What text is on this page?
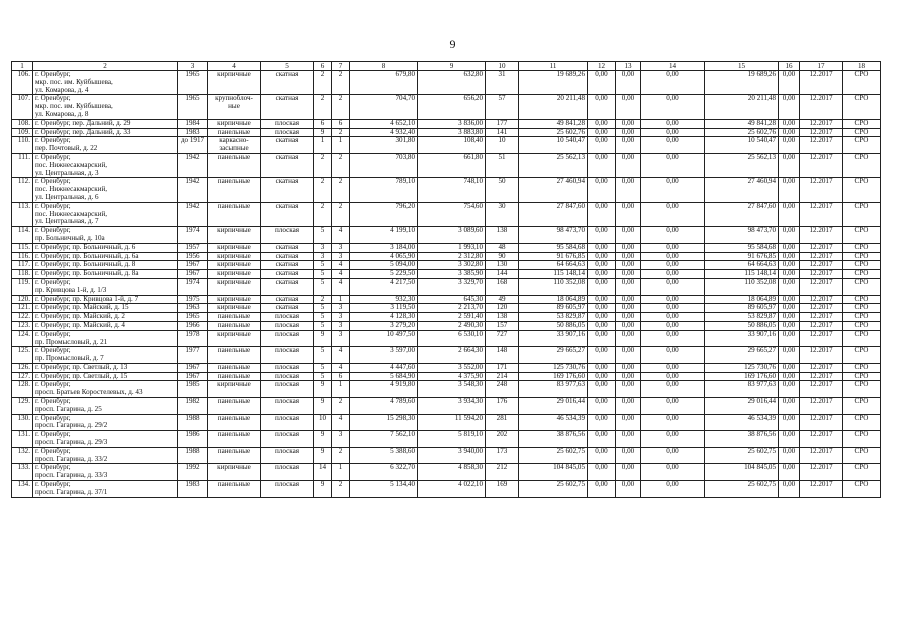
9
1	2	3	4	5	6	7	8	9	10	11	12	13	14	15	16	17	18
106.	г. Оренбург,
мкр. пос. им. Куйбышева,
ул. Комарова, д. 4	1965	кирпичные	скатная	2	2	679,80	632,80	31	19 689,26	0,00	0,00	0,00	19 689,26	0,00	12.2017	СРО
107.	г. Оренбург,
мкр. пос. им. Куйбышева,
ул. Комарова, д. 8	1965	крупноблоч-ные	скатная	2	2	704,70	656,20	57	20 211,48	0,00	0,00	0,00	20 211,48	0,00	12.2017	СРО
108.	г. Оренбург, пер. Дальний, д. 29	1984	кирпичные	плоская	6	6	4 652,10	3 836,00	177	49 841,28	0,00	0,00	0,00	49 841,28	0,00	12.2017	СРО
109.	г. Оренбург, пер. Дальний, д. 33	1983	панельные	плоская	9	2	4 932,40	3 883,80	141	25 602,76	0,00	0,00	0,00	25 602,76	0,00	12.2017	СРО
110.	г. Оренбург,
пер. Почтовый, д. 22	до 1917	каркасно-засыпные	скатная	1	1	301,80	108,40	10	10 540,47	0,00	0,00	0,00	10 540,47	0,00	12.2017	СРО
111.	г. Оренбург,
пос. Нижнесакмарский,
ул. Центральная, д. 3	1942	панельные	скатная	2	2	703,80	661,80	51	25 562,13	0,00	0,00	0,00	25 562,13	0,00	12.2017	СРО
112.	г. Оренбург,
пос. Нижнесакмарский,
ул. Центральная, д. 6	1942	панельные	скатная	2	2	789,10	748,10	50	27 460,94	0,00	0,00	0,00	27 460,94	0,00	12.2017	СРО
113.	г. Оренбург,
пос. Нижнесакмарский,
ул. Центральная, д. 7	1942	панельные	скатная	2	2	796,20	754,60	30	27 847,60	0,00	0,00	0,00	27 847,60	0,00	12.2017	СРО
114.	г. Оренбург,
пр. Больничный, д. 10а	1974	кирпичные	плоская	5	4	4 199,10	3 089,60	138	98 473,70	0,00	0,00	0,00	98 473,70	0,00	12.2017	СРО
115.	г. Оренбург, пр. Больничный, д. 6	1957	кирпичные	скатная	3	3	3 184,00	1 993,10	48	95 584,68	0,00	0,00	0,00	95 584,68	0,00	12.2017	СРО
116.	г. Оренбург, пр. Больничный, д. 6а	1956	кирпичные	скатная	3	3	4 065,90	2 312,80	90	91 676,85	0,00	0,00	0,00	91 676,85	0,00	12.2017	СРО
117.	г. Оренбург, пр. Больничный, д. 8	1967	кирпичные	скатная	5	4	5 094,00	3 302,80	130	64 664,63	0,00	0,00	0,00	64 664,63	0,00	12.2017	СРО
118.	г. Оренбург, пр. Больничный, д. 8а	1967	кирпичные	скатная	5	4	5 229,50	3 385,90	144	115 148,14	0,00	0,00	0,00	115 148,14	0,00	12.2017	СРО
119.	г. Оренбург,
пр. Кривцова 1-й, д. 1/3	1974	кирпичные	скатная	5	4	4 217,50	3 329,70	168	110 352,08	0,00	0,00	0,00	110 352,08	0,00	12.2017	СРО
120.	г. Оренбург, пр. Кривцова 1-й, д. 7	1975	кирпичные	скатная	2	1	932,30	645,30	49	18 064,89	0,00	0,00	0,00	18 064,89	0,00	12.2017	СРО
121.	г. Оренбург, пр. Майский, д. 15	1963	кирпичные	скатная	5	3	3 119,50	2 213,70	120	89 605,97	0,00	0,00	0,00	89 605,97	0,00	12.2017	СРО
122.	г. Оренбург, пр. Майский, д. 2	1965	панельные	плоская	5	3	4 128,30	2 591,40	138	53 829,87	0,00	0,00	0,00	53 829,87	0,00	12.2017	СРО
123.	г. Оренбург, пр. Майский, д. 4	1966	панельные	плоская	5	3	3 279,20	2 490,30	157	50 886,05	0,00	0,00	0,00	50 886,05	0,00	12.2017	СРО
124.	г. Оренбург,
пр. Промысловый, д. 21	1978	кирпичные	плоская	9	3	10 497,50	6 530,10	727	33 907,16	0,00	0,00	0,00	33 907,16	0,00	12.2017	СРО
125.	г. Оренбург,
пр. Промысловый, д. 7	1977	панельные	плоская	5	4	3 597,00	2 664,30	148	29 665,27	0,00	0,00	0,00	29 665,27	0,00	12.2017	СРО
126.	г. Оренбург, пр. Светлый, д. 13	1967	панельные	плоская	5	4	4 447,60	3 552,00	171	125 730,76	0,00	0,00	0,00	125 730,76	0,00	12.2017	СРО
127.	г. Оренбург, пр. Светлый, д. 15	1967	панельные	плоская	5	6	5 684,90	4 375,90	214	169 176,60	0,00	0,00	0,00	169 176,60	0,00	12.2017	СРО
128.	г. Оренбург,
просп. Братьев Коростелевых, д. 43	1985	кирпичные	плоская	9	1	4 919,80	3 548,30	248	83 977,63	0,00	0,00	0,00	83 977,63	0,00	12.2017	СРО
129.	г. Оренбург,
просп. Гагарина, д. 25	1982	панельные	плоская	9	2	4 789,60	3 934,30	176	29 016,44	0,00	0,00	0,00	29 016,44	0,00	12.2017	СРО
130.	г. Оренбург,
просп. Гагарина, д. 29/2	1988	панельные	плоская	10	4	15 298,30	11 594,20	281	46 534,39	0,00	0,00	0,00	46 534,39	0,00	12.2017	СРО
131.	г. Оренбург,
просп. Гагарина, д. 29/3	1986	панельные	плоская	9	3	7 562,10	5 819,10	202	38 876,56	0,00	0,00	0,00	38 876,56	0,00	12.2017	СРО
132.	г. Оренбург,
просп. Гагарина, д. 33/2	1988	панельные	плоская	9	2	5 388,60	3 940,00	173	25 602,75	0,00	0,00	0,00	25 602,75	0,00	12.2017	СРО
133.	г. Оренбург,
просп. Гагарина, д. 33/3	1992	кирпичные	плоская	14	1	6 322,70	4 858,30	212	104 845,05	0,00	0,00	0,00	104 845,05	0,00	12.2017	СРО
134.	г. Оренбург,
просп. Гагарина, д. 37/1	1983	панельные	плоская	9	2	5 134,40	4 022,10	169	25 602,75	0,00	0,00	0,00	25 602,75	0,00	12.2017	СРО
